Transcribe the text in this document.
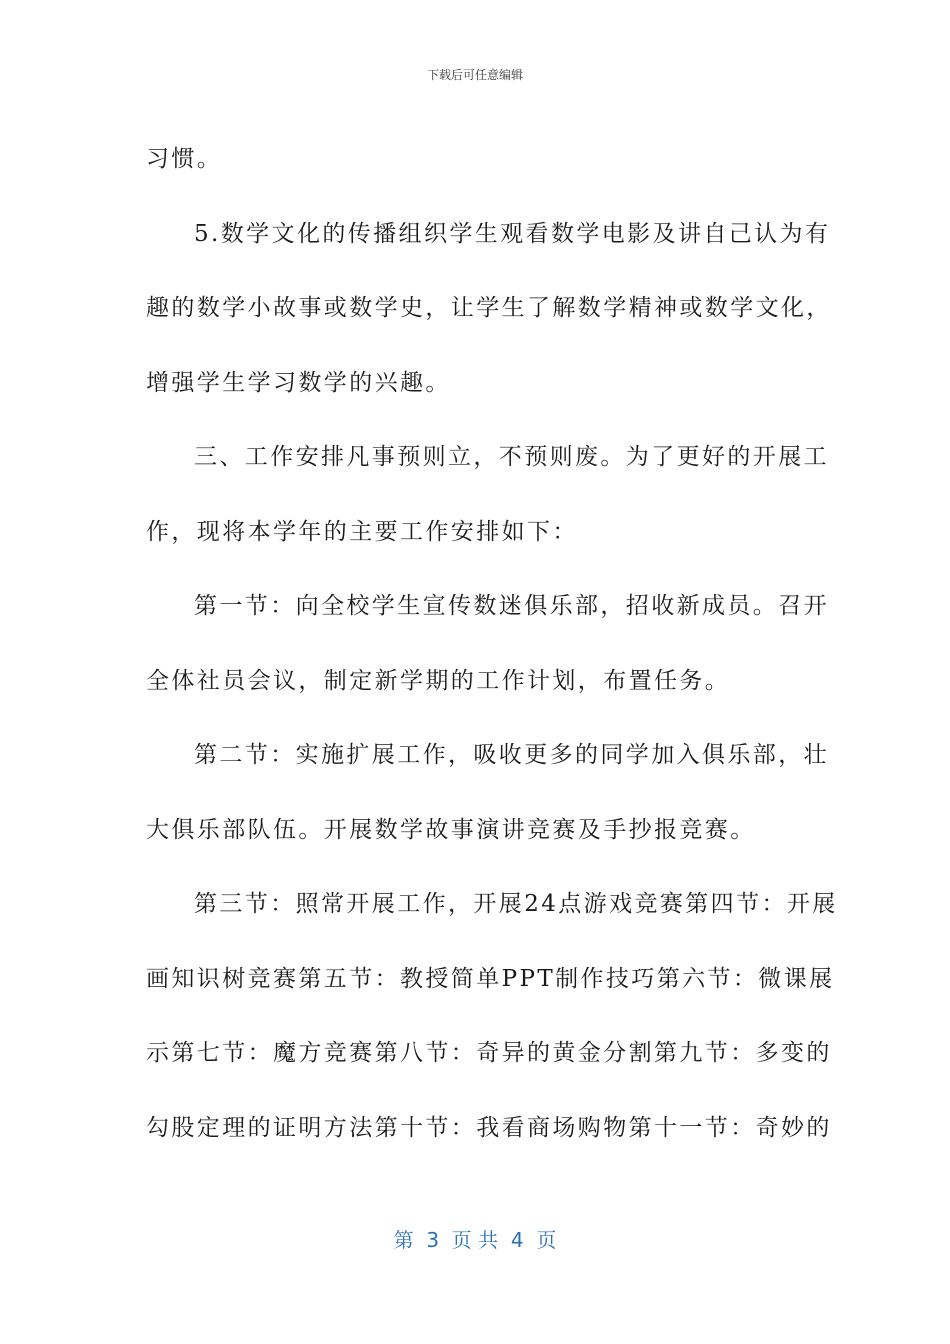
下载后可任意编辑

习惯。

5.数学文化的传播组织学生观看数学电影及讲自己认为有

趣的数学小故事或数学史，让学生了解数学精神或数学文化，

增强学生学习数学的兴趣。

三、工作安排凡事预则立，不预则废。为了更好的开展工

作，现将本学年的主要工作安排如下：

第一节：向全校学生宣传数迷俱乐部，招收新成员。召开

全体社员会议，制定新学期的工作计划，布置任务。

第二节：实施扩展工作，吸收更多的同学加入俱乐部，壮

大俱乐部队伍。开展数学故事演讲竞赛及手抄报竞赛。

第三节：照常开展工作，开展24点游戏竞赛第四节：开展

画知识树竞赛第五节：教授简单PPT制作技巧第六节：微课展

示第七节：魔方竞赛第八节：奇异的黄金分割第九节：多变的

勾股定理的证明方法第十节：我看商场购物第十一节：奇妙的

第  3  页 共  4  页
